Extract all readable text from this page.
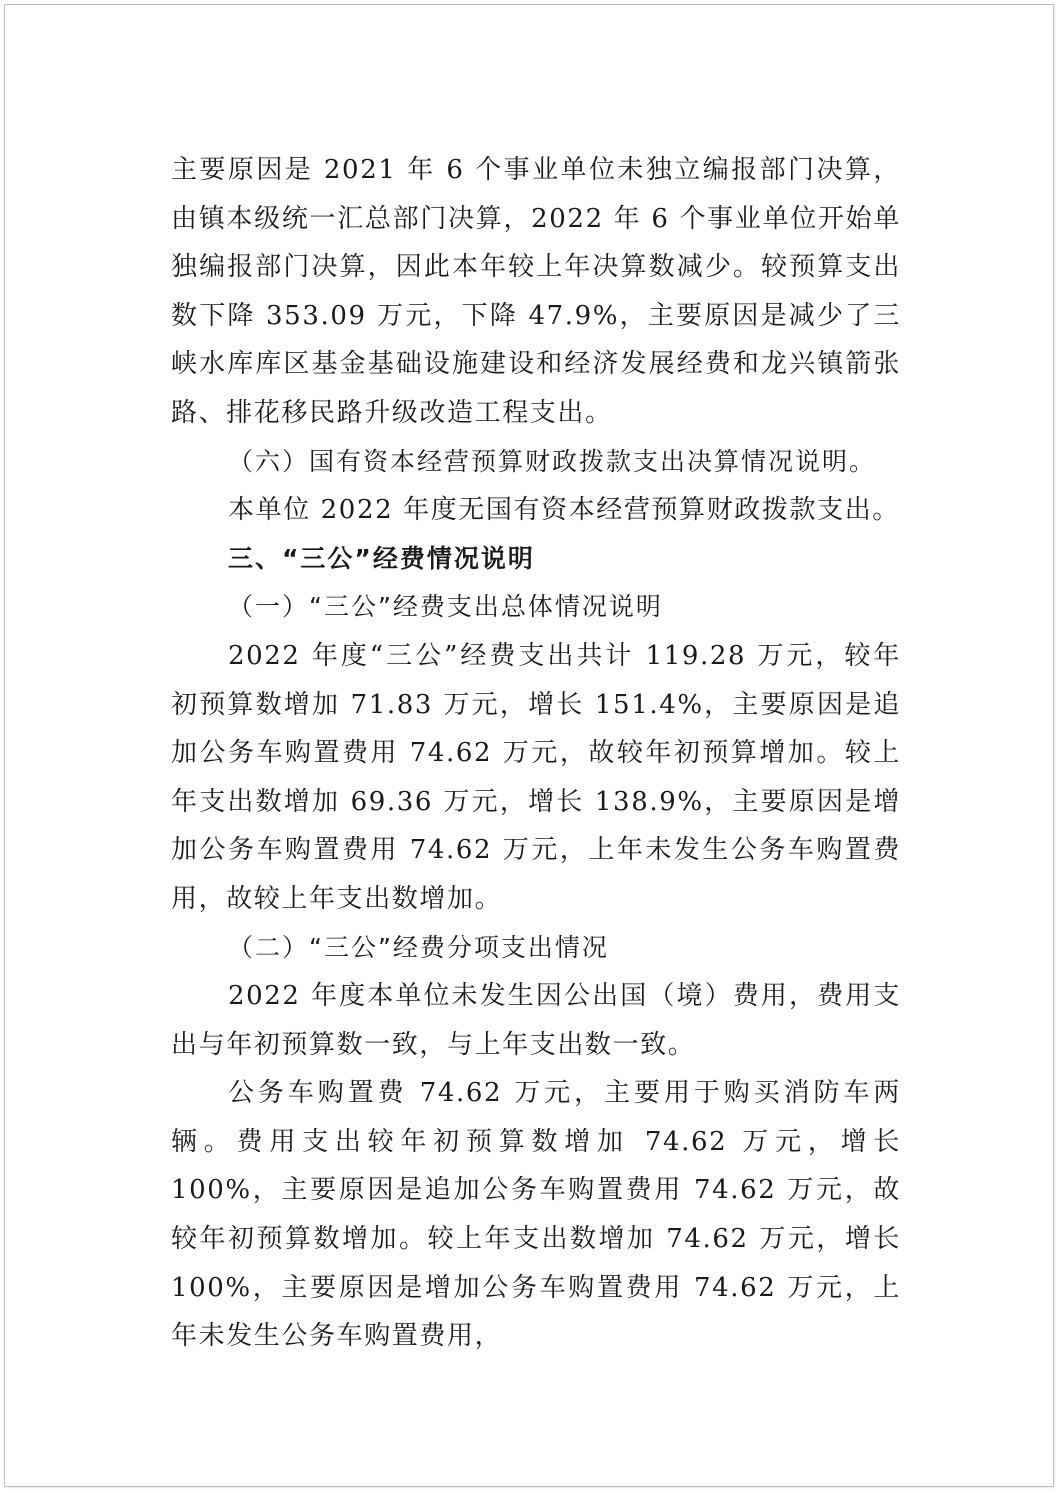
主要原因是 2021 年 6 个事业单位未独立编报部门决算，由镇本级统一汇总部门决算，2022 年 6 个事业单位开始单独编报部门决算，因此本年较上年决算数减少。较预算支出数下降 353.09 万元，下降 47.9%，主要原因是减少了三峡水库库区基金基础设施建设和经济发展经费和龙兴镇箭张路、排花移民路升级改造工程支出。

（六）国有资本经营预算财政拨款支出决算情况说明。

本单位 2022 年度无国有资本经营预算财政拨款支出。

三、“三公”经费情况说明

（一）“三公”经费支出总体情况说明

2022 年度“三公”经费支出共计 119.28 万元，较年初预算数增加 71.83 万元，增长 151.4%，主要原因是追加公务车购置费用 74.62 万元，故较年初预算增加。较上年支出数增加 69.36 万元，增长 138.9%，主要原因是增加公务车购置费用 74.62 万元，上年未发生公务车购置费用，故较上年支出数增加。

（二）“三公”经费分项支出情况

2022 年度本单位未发生因公出国（境）费用，费用支出与年初预算数一致，与上年支出数一致。

公务车购置费 74.62 万元，主要用于购买消防车两辆。费用支出较年初预算数增加 74.62 万元，增长 100%，主要原因是追加公务车购置费用 74.62 万元，故较年初预算数增加。较上年支出数增加 74.62 万元，增长 100%，主要原因是增加公务车购置费用 74.62 万元，上年未发生公务车购置费用，
